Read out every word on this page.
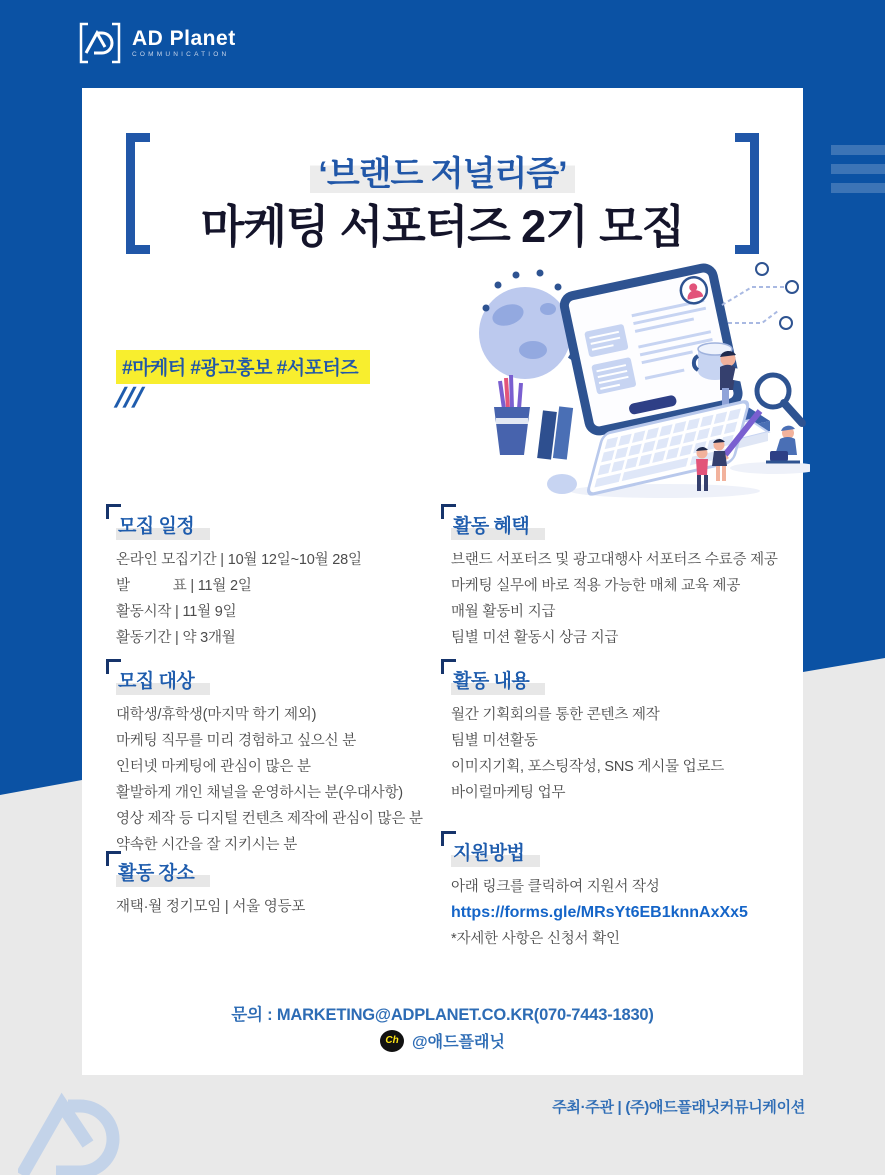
AD Planet
COMMUNICATION
‘브랜드 저널리즘’
마케팅 서포터즈 2기 모집
#마케터 #광고홍보 #서포터즈
///
모집 일정
온라인 모집기간 | 10월 12일~10월 28일
발　　　표 | 11월 2일
활동시작 | 11월 9일
활동기간 | 약 3개월
활동 혜택
브랜드 서포터즈 및 광고대행사 서포터즈 수료증 제공
마케팅 실무에 바로 적용 가능한 매체 교육 제공
매월 활동비 지급
팀별 미션 활동시 상금 지급
모집 대상
대학생/휴학생(마지막 학기 제외)
마케팅 직무를 미리 경험하고 싶으신 분
인터넷 마케팅에 관심이 많은 분
활발하게 개인 채널을 운영하시는 분(우대사항)
영상 제작 등 디지털 컨텐츠 제작에 관심이 많은 분
약속한 시간을 잘 지키시는 분
활동 내용
월간 기획회의를 통한 콘텐츠 제작
팀별 미션활동
이미지기획, 포스팅작성, SNS 게시물 업로드
바이럴마케팅 업무
활동 장소
재택·월 정기모임 | 서울 영등포
지원방법
아래 링크를 클릭하여 지원서 작성
https://forms.gle/MRsYt6EB1knnAxXx5
*자세한 사항은 신청서 확인
문의 : MARKETING@ADPLANET.CO.KR(070-7443-1830)
Ch @애드플래닛
주최·주관 | (주)애드플래닛커뮤니케이션
